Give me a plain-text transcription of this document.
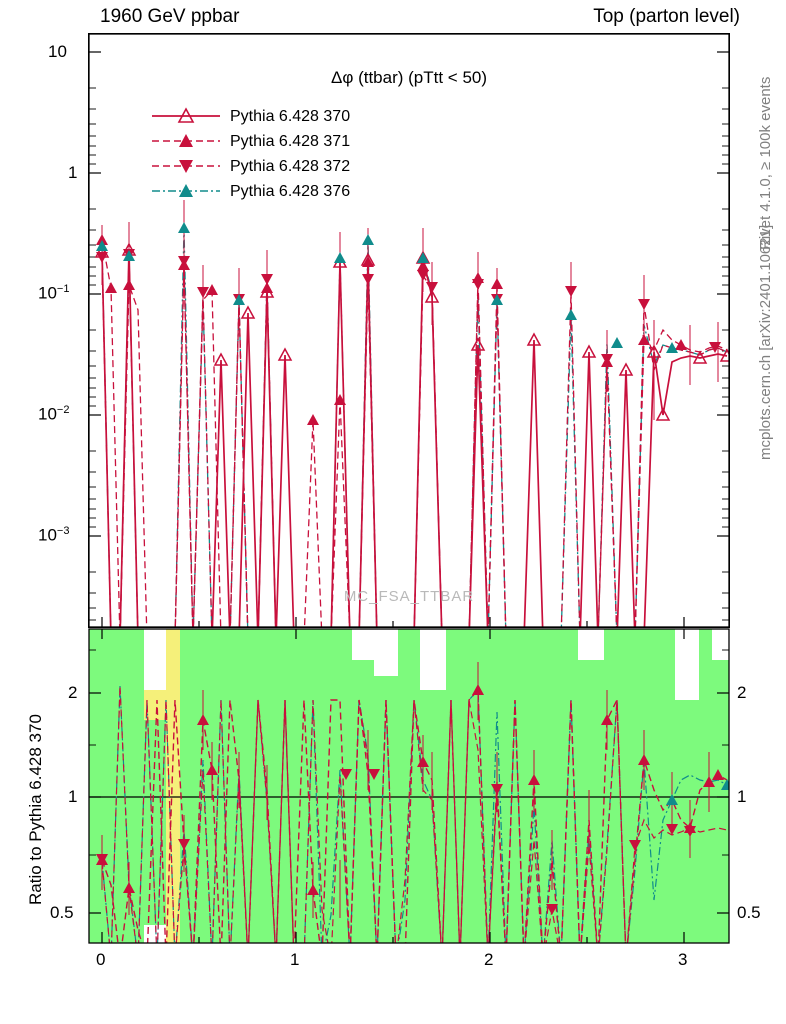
1960 GeV ppbar	Top (parton level)
Rivet 4.1.0, ≥ 100k events
mcplots.cern.ch [arXiv:2401.10621]
Δφ (ttbar) (pTtt < 50)
Pythia 6.428 370
Pythia 6.428 371
Pythia 6.428 372
Pythia 6.428 376
MC_FSA_TTBAR
10
1
$10^{-1}$
$10^{-2}$
$10^{-3}$
2
1
0.5
2
1
0.5
0	1	2	3
Ratio to Pythia 6.428 370
